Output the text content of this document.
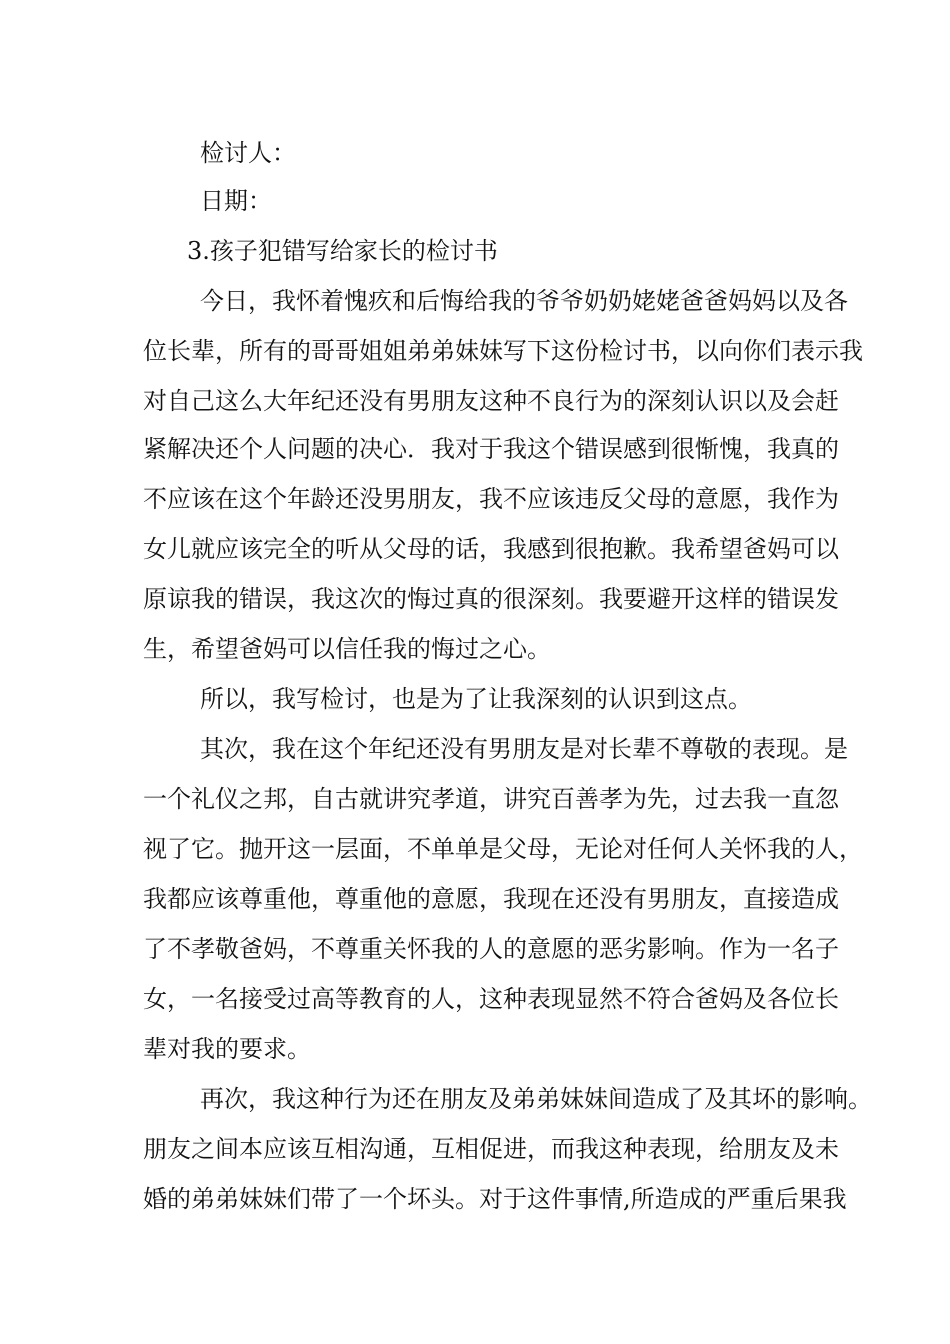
检讨人：
日期：
3.孩子犯错写给家长的检讨书
今日，我怀着愧疚和后悔给我的爷爷奶奶姥姥爸爸妈妈以及各
位长辈，所有的哥哥姐姐弟弟妹妹写下这份检讨书，以向你们表示我
对自己这么大年纪还没有男朋友这种不良行为的深刻认识以及会赶
紧解决还个人问题的决心．我对于我这个错误感到很惭愧，我真的
不应该在这个年龄还没男朋友，我不应该违反父母的意愿，我作为
女儿就应该完全的听从父母的话，我感到很抱歉。我希望爸妈可以
原谅我的错误，我这次的悔过真的很深刻。我要避开这样的错误发
生，希望爸妈可以信任我的悔过之心。
所以，我写检讨，也是为了让我深刻的认识到这点。
其次，我在这个年纪还没有男朋友是对长辈不尊敬的表现。是
一个礼仪之邦，自古就讲究孝道，讲究百善孝为先，过去我一直忽
视了它。抛开这一层面，不单单是父母，无论对任何人关怀我的人，
我都应该尊重他，尊重他的意愿，我现在还没有男朋友，直接造成
了不孝敬爸妈，不尊重关怀我的人的意愿的恶劣影响。作为一名子
女，一名接受过高等教育的人，这种表现显然不符合爸妈及各位长
辈对我的要求。
再次，我这种行为还在朋友及弟弟妹妹间造成了及其坏的影响。
朋友之间本应该互相沟通，互相促进，而我这种表现，给朋友及未
婚的弟弟妹妹们带了一个坏头。对于这件事情,所造成的严重后果我
